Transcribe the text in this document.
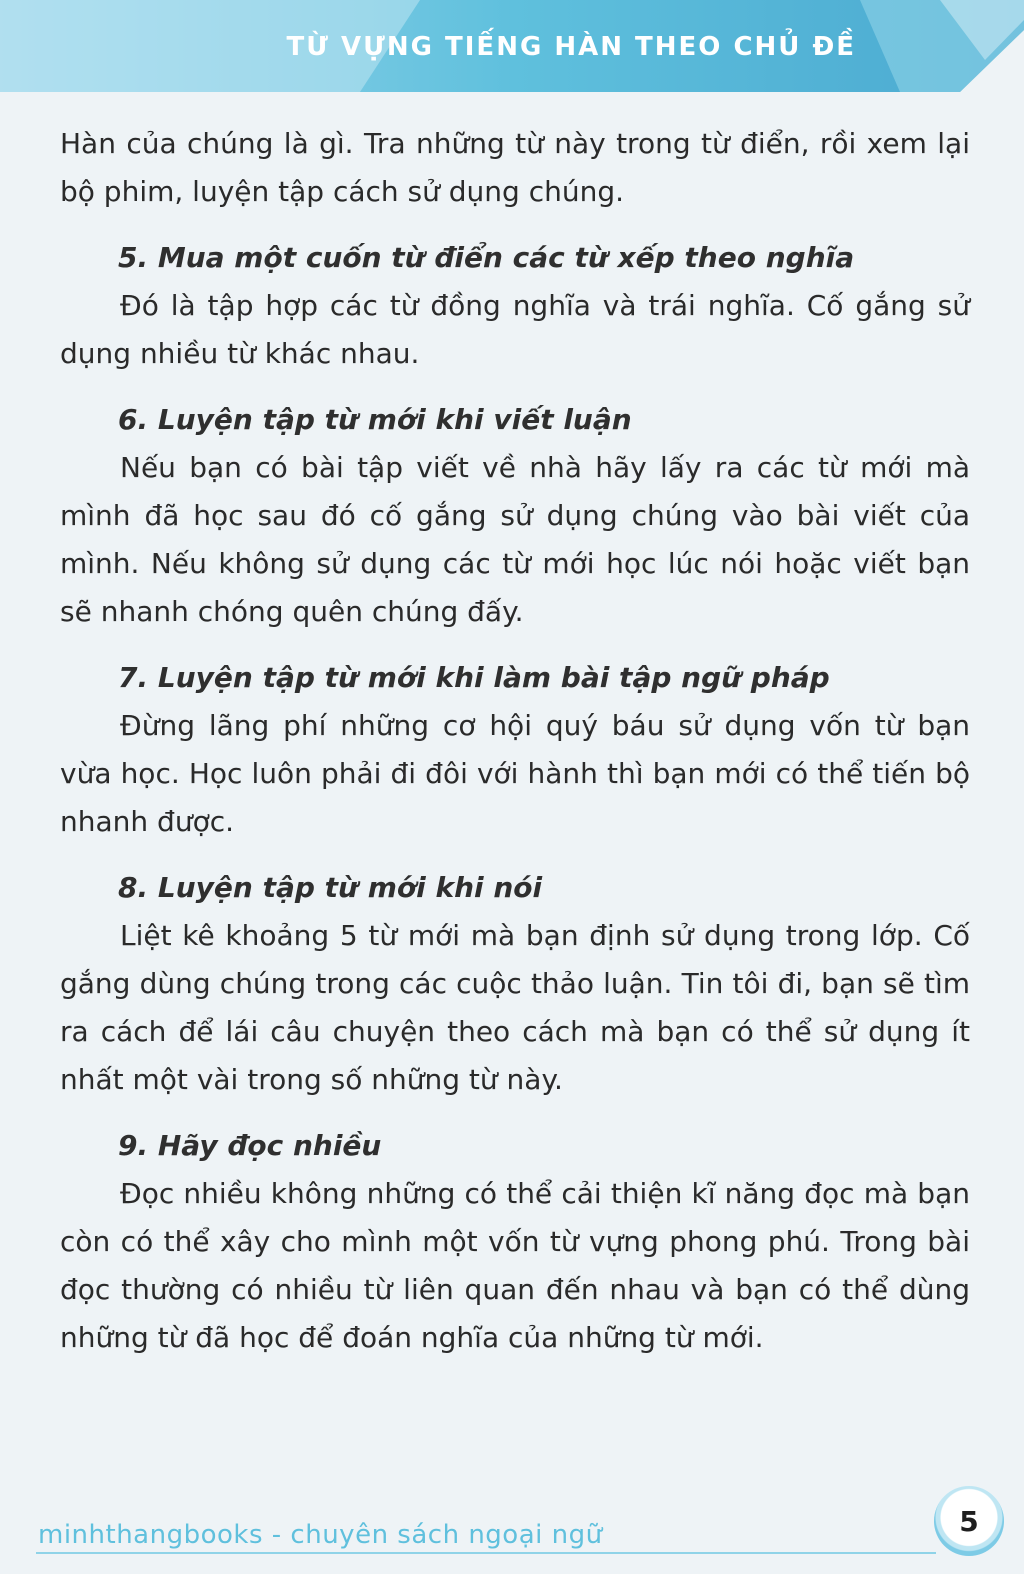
TỪ VỰNG TIẾNG HÀN THEO CHỦ ĐỀ

Hàn của chúng là gì. Tra những từ này trong từ điển, rồi xem lại bộ phim, luyện tập cách sử dụng chúng.

5. Mua một cuốn từ điển các từ xếp theo nghĩa

Đó là tập hợp các từ đồng nghĩa và trái nghĩa. Cố gắng sử dụng nhiều từ khác nhau.

6. Luyện tập từ mới khi viết luận

Nếu bạn có bài tập viết về nhà hãy lấy ra các từ mới mà mình đã học sau đó cố gắng sử dụng chúng vào bài viết của mình. Nếu không sử dụng các từ mới học lúc nói hoặc viết bạn sẽ nhanh chóng quên chúng đấy.

7. Luyện tập từ mới khi làm bài tập ngữ pháp

Đừng lãng phí những cơ hội quý báu sử dụng vốn từ bạn vừa học. Học luôn phải đi đôi với hành thì bạn mới có thể tiến bộ nhanh được.

8. Luyện tập từ mới khi nói

Liệt kê khoảng 5 từ mới mà bạn định sử dụng trong lớp. Cố gắng dùng chúng trong các cuộc thảo luận. Tin tôi đi, bạn sẽ tìm ra cách để lái câu chuyện theo cách mà bạn có thể sử dụng ít nhất một vài trong số những từ này.

9. Hãy đọc nhiều

Đọc nhiều không những có thể cải thiện kĩ năng đọc mà bạn còn có thể xây cho mình một vốn từ vựng phong phú. Trong bài đọc thường có nhiều từ liên quan đến nhau và bạn có thể dùng những từ đã học để đoán nghĩa của những từ mới.

minhthangbooks - chuyên sách ngoại ngữ	5
